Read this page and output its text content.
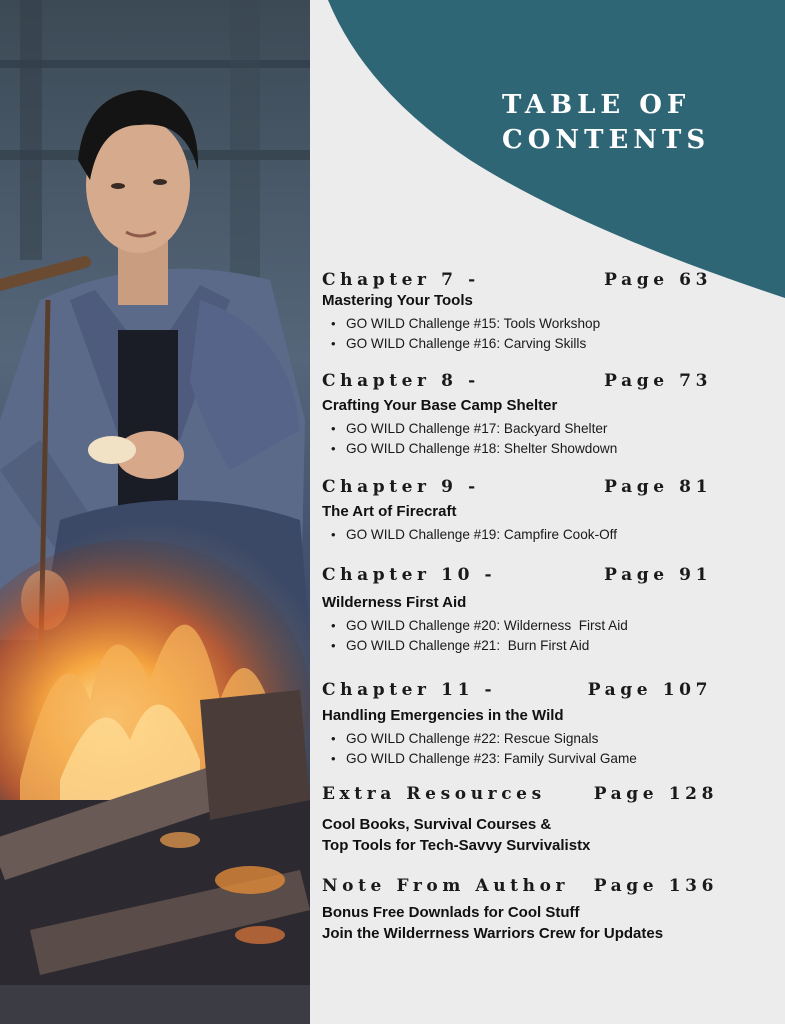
TABLE OF
CONTENTS
Chapter 7 -	Page 63
Mastering Your Tools
• GO WILD Challenge #15: Tools Workshop
• GO WILD Challenge #16: Carving Skills
Chapter 8 -	Page 73
Crafting Your Base Camp Shelter
• GO WILD Challenge #17: Backyard Shelter
• GO WILD Challenge #18: Shelter Showdown
Chapter 9 -	Page 81
The Art of Firecraft
• GO WILD Challenge #19: Campfire Cook-Off
Chapter 10 -	Page 91
Wilderness First Aid
• GO WILD Challenge #20: Wilderness  First Aid
• GO WILD Challenge #21:  Burn First Aid
Chapter 11 -	Page 107
Handling Emergencies in the Wild
• GO WILD Challenge #22: Rescue Signals
• GO WILD Challenge #23: Family Survival Game
Extra Resources	Page 128
Cool Books, Survival Courses &
Top Tools for Tech-Savvy Survivalistx
Note From Author Page 136
Bonus Free Downlads for Cool Stuff
Join the Wilderrness Warriors Crew for Updates
